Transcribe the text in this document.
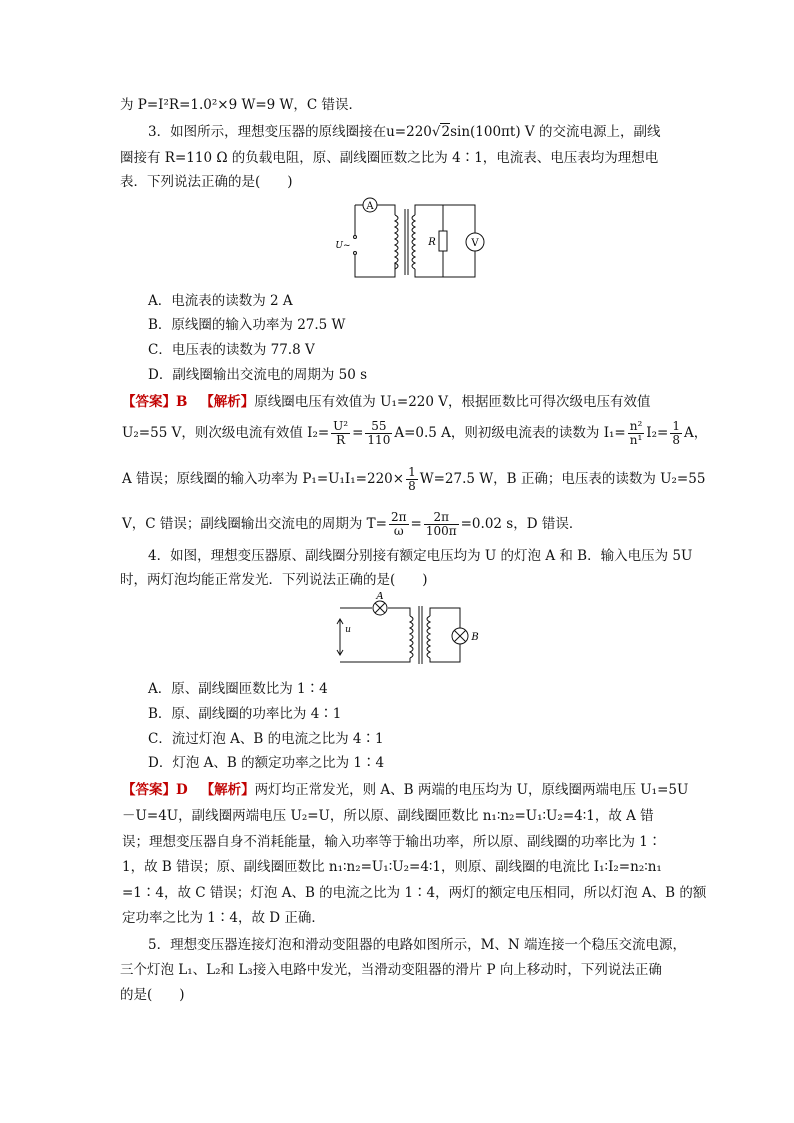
为 P=I²R=1.0²×9 W=9 W，C 错误．
3．如图所示，理想变压器的原线圈接在u=220√2sin(100πt) V 的交流电源上，副线
圈接有 R=110 Ω 的负载电阻，原、副线圈匝数之比为 4∶1，电流表、电压表均为理想电
表．下列说法正确的是(　　)
A
V
R
U~
A．电流表的读数为 2 A
B．原线圈的输入功率为 27.5 W
C．电压表的读数为 77.8 V
D．副线圈输出交流电的周期为 50 s
【答案】B 【解析】原线圈电压有效值为 U₁=220 V，根据匝数比可得次级电压有效值
U₂=55 V，则次级电流有效值 $I_2= \frac{\text{U²}}{R} = \frac{55}{110} A=0.5$ A，则初级电流表的读数为 $I_1= \frac{\text{n²}}{\text{n¹}} I_2= \frac{1}{8}$ A，
A 错误；原线圈的输入功率为 $P_1=U_1I_1=220\times \frac{1}{8} W=27.5$ W，B 正确；电压表的读数为 U₂=55
V，C 错误；副线圈输出交流电的周期为 $T= \frac{2\pi}{\omega} = \frac{2\pi}{100\pi} =0.02$ s，D 错误．
4．如图，理想变压器原、副线圈分别接有额定电压均为 U 的灯泡 A 和 B．输入电压为 5U
时，两灯泡均能正常发光．下列说法正确的是(　　)
A
B
u
A．原、副线圈匝数比为 1∶4
B．原、副线圈的功率比为 4∶1
C．流过灯泡 A、B 的电流之比为 4∶1
D．灯泡 A、B 的额定功率之比为 1∶4
【答案】D 【解析】两灯均正常发光，则 A、B 两端的电压均为 U，原线圈两端电压 U₁=5U
－U=4U，副线圈两端电压 U₂=U，所以原、副线圈匝数比 n₁∶n₂=U₁∶U₂=4∶1，故 A 错
误；理想变压器自身不消耗能量，输入功率等于输出功率，所以原、副线圈的功率比为 1∶
1，故 B 错误；原、副线圈匝数比 n₁∶n₂=U₁∶U₂=4∶1，则原、副线圈的电流比 I₁∶I₂=n₂∶n₁
=1∶4，故 C 错误；灯泡 A、B 的电流之比为 1∶4，两灯的额定电压相同，所以灯泡 A、B 的额
定功率之比为 1∶4，故 D 正确．
5．理想变压器连接灯泡和滑动变阻器的电路如图所示，M、N 端连接一个稳压交流电源，
三个灯泡 L₁、L₂和 L₃接入电路中发光，当滑动变阻器的滑片 P 向上移动时，下列说法正确
的是(　　)
